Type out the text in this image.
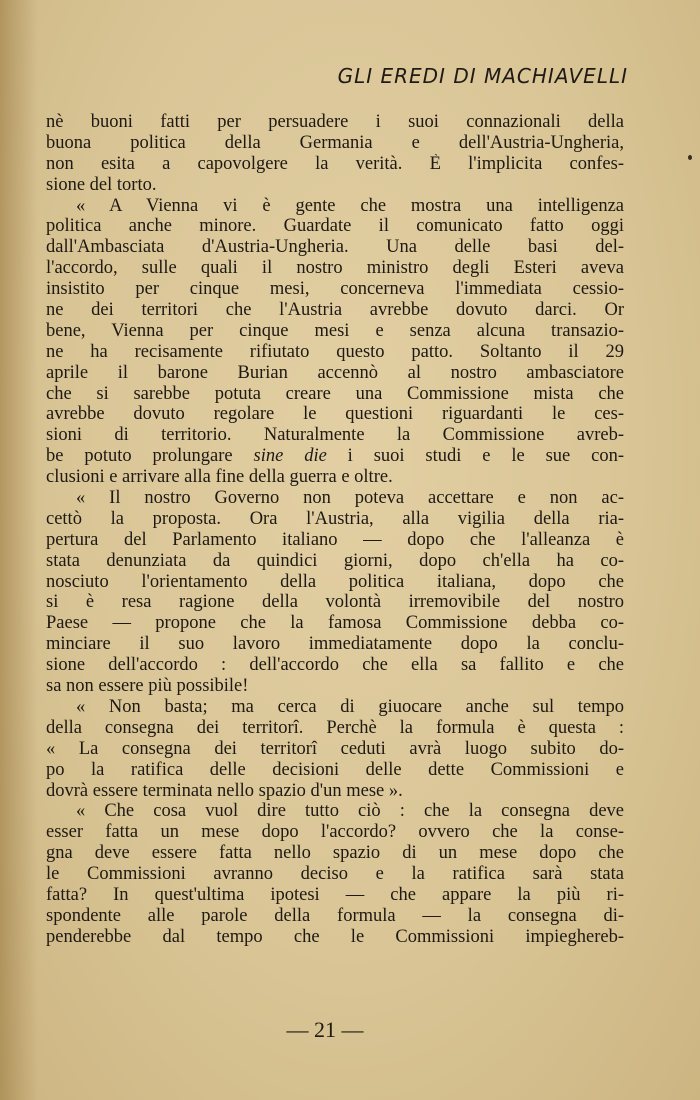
GLI EREDI DI MACHIAVELLI
nè buoni fatti per persuadere i suoi connazionali della
buona politica della Germania e dell'Austria-Ungheria,
non esita a capovolgere la verità. È l'implicita confes-
sione del torto.
« A Vienna vi è gente che mostra una intelligenza
politica anche minore. Guardate il comunicato fatto oggi
dall'Ambasciata d'Austria-Ungheria. Una delle basi del-
l'accordo, sulle quali il nostro ministro degli Esteri aveva
insistito per cinque mesi, concerneva l'immediata cessio-
ne dei territori che l'Austria avrebbe dovuto darci. Or
bene, Vienna per cinque mesi e senza alcuna transazio-
ne ha recisamente rifiutato questo patto. Soltanto il 29
aprile il barone Burian accennò al nostro ambasciatore
che si sarebbe potuta creare una Commissione mista che
avrebbe dovuto regolare le questioni riguardanti le ces-
sioni di territorio. Naturalmente la Commissione avreb-
be potuto prolungare sine die i suoi studi e le sue con-
clusioni e arrivare alla fine della guerra e oltre.
« Il nostro Governo non poteva accettare e non ac-
cettò la proposta. Ora l'Austria, alla vigilia della ria-
pertura del Parlamento italiano — dopo che l'alleanza è
stata denunziata da quindici giorni, dopo ch'ella ha co-
nosciuto l'orientamento della politica italiana, dopo che
si è resa ragione della volontà irremovibile del nostro
Paese — propone che la famosa Commissione debba co-
minciare il suo lavoro immediatamente dopo la conclu-
sione dell'accordo : dell'accordo che ella sa fallito e che
sa non essere più possibile!
« Non basta; ma cerca di giuocare anche sul tempo
della consegna dei territorî. Perchè la formula è questa :
« La consegna dei territorî ceduti avrà luogo subito do-
po la ratifica delle decisioni delle dette Commissioni e
dovrà essere terminata nello spazio d'un mese ».
« Che cosa vuol dire tutto ciò : che la consegna deve
esser fatta un mese dopo l'accordo? ovvero che la conse-
gna deve essere fatta nello spazio di un mese dopo che
le Commissioni avranno deciso e la ratifica sarà stata
fatta? In quest'ultima ipotesi — che appare la più ri-
spondente alle parole della formula — la consegna di-
penderebbe dal tempo che le Commissioni impieghereb-
— 21 —
